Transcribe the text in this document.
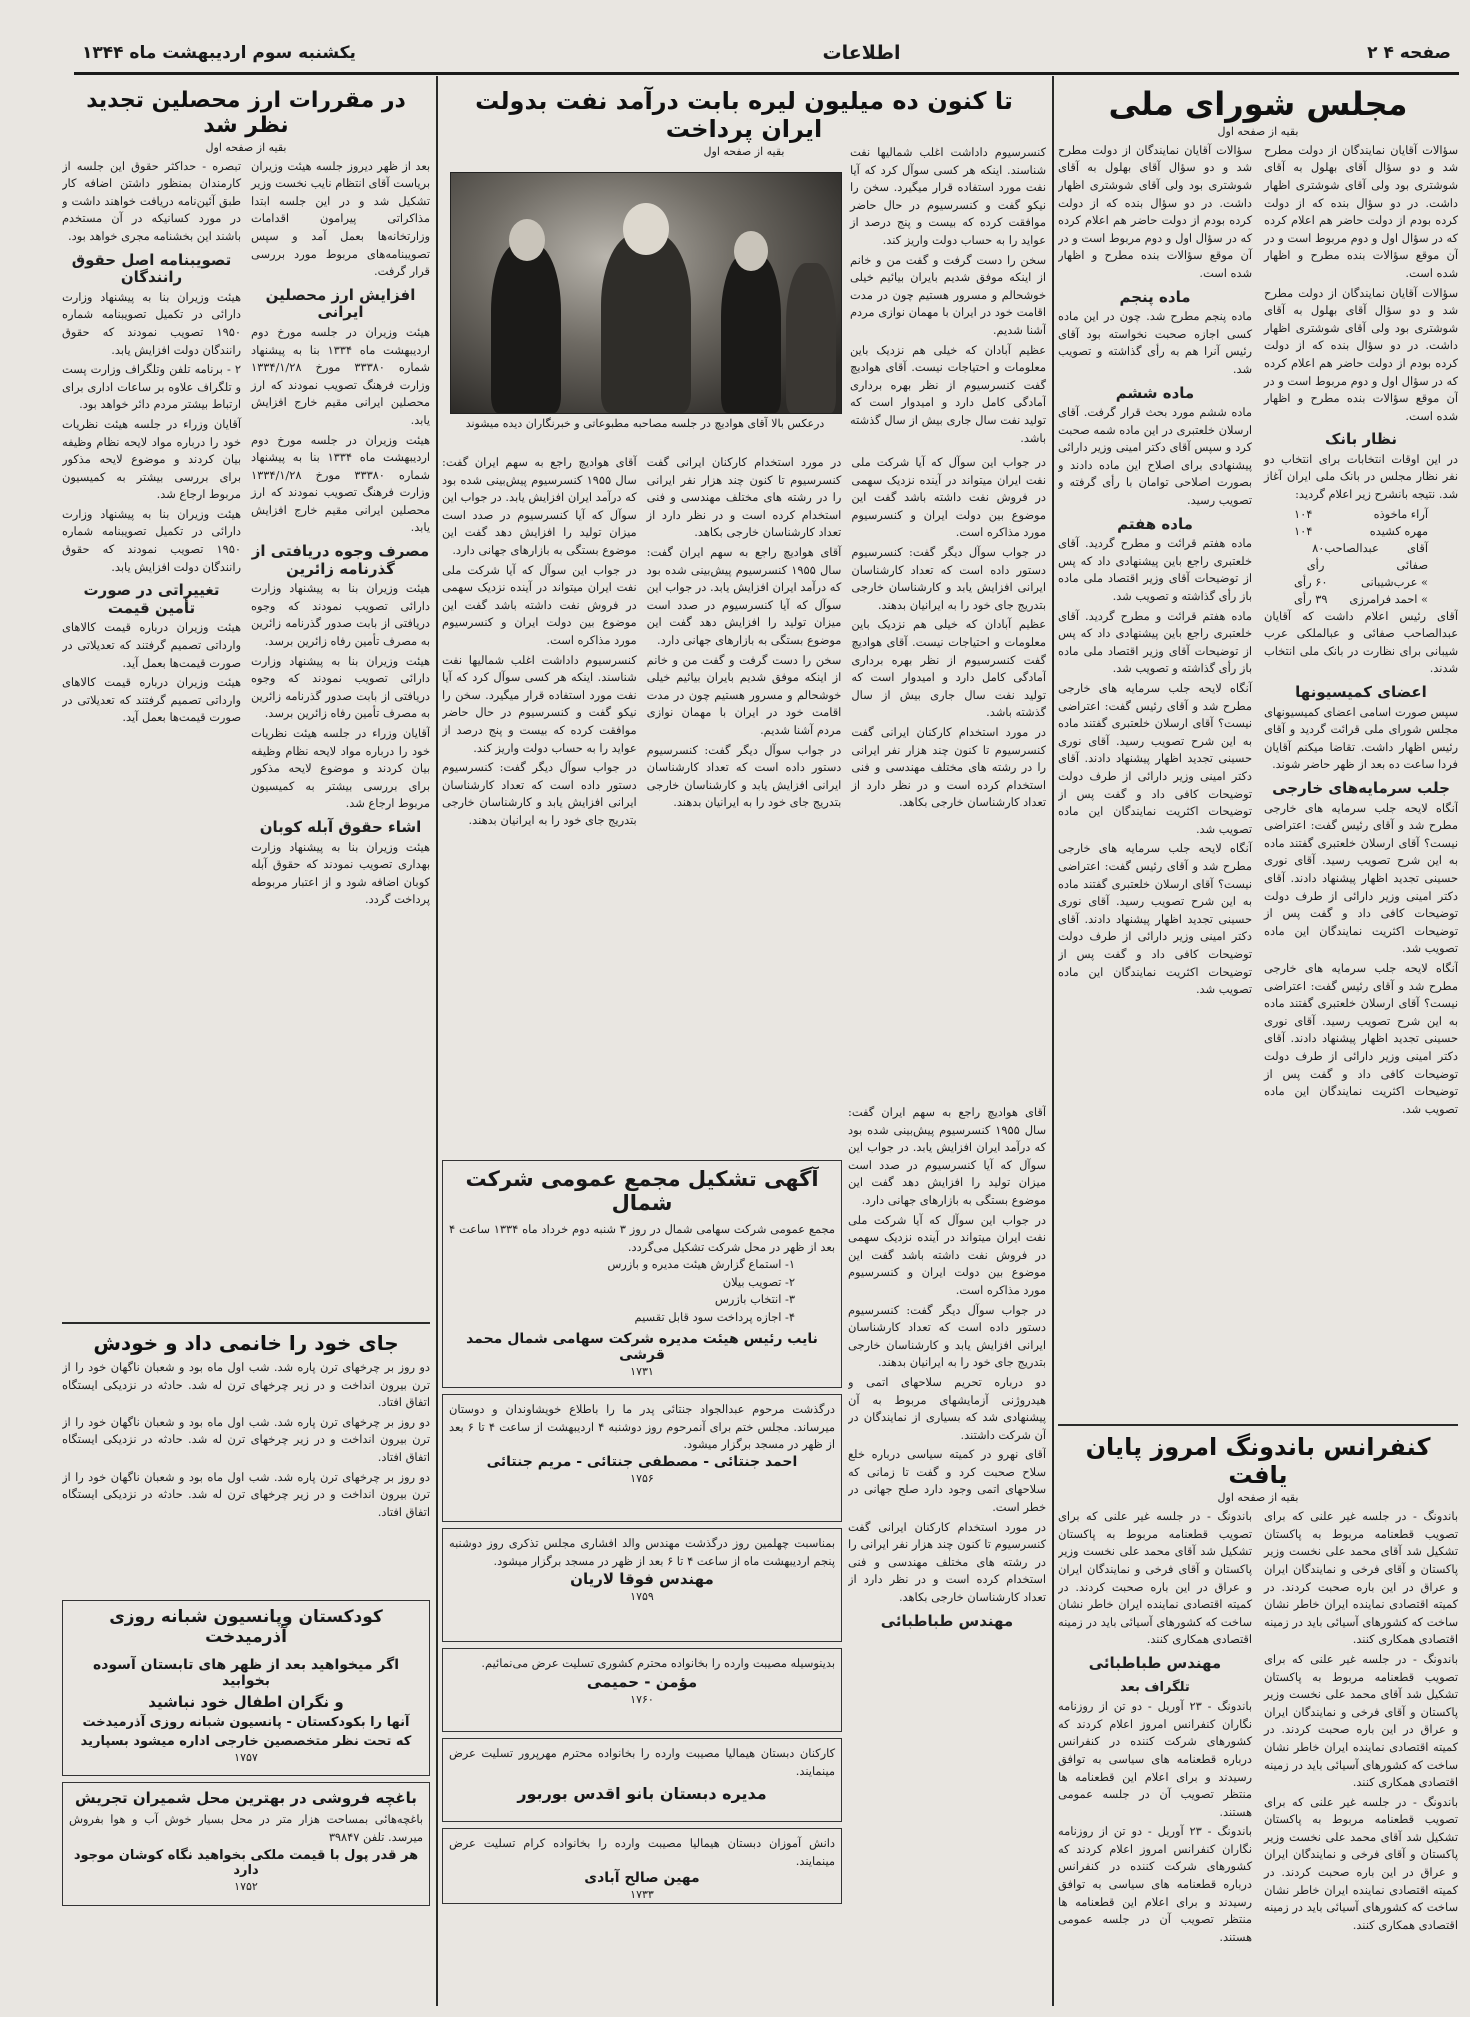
صفحه ۴ ۲
اطلاعات
یکشنبه سوم اردیبهشت ماه ۱۳۴۴
مجلس شورای ملی
بقیه از صفحه اول

سؤالات آقایان نمایندگان از دولت مطرح شد و دو سؤال آقای بهلول به آقای شوشتری بود ولی آقای شوشتری اظهار داشت. در دو سؤال بنده که از دولت کرده بودم از دولت حاضر هم اعلام کرده که در سؤال اول و دوم مربوط است و در آن موقع سؤالات بنده مطرح و اظهار شده است.

سؤالات آقایان نمایندگان از دولت مطرح شد و دو سؤال آقای بهلول به آقای شوشتری بود ولی آقای شوشتری اظهار داشت. در دو سؤال بنده که از دولت کرده بودم از دولت حاضر هم اعلام کرده که در سؤال اول و دوم مربوط است و در آن موقع سؤالات بنده مطرح و اظهار شده است.

نظار بانک

در این اوقات انتخابات برای انتخاب دو نفر نظار مجلس در بانک ملی ایران آغاز شد. نتیجه بانشرح زیر اعلام گردید:

آراء ماخوذه
۱۰۴
مهره کشیده
۱۰۴
آقای عبدالصاحب صفائی
۸۰ رأی
» عرب‌شیبانی
۶۰ رأی
» احمد فرامرزی
۳۹ رأی

آقای رئیس اعلام داشت که آقایان عبدالصاحب صفائی و عبالملکی عرب شیبانی برای نظارت در بانک ملی انتخاب شدند.

اعضای کمیسیونها

سپس صورت اسامی اعضای کمیسیونهای مجلس شورای ملی قرائت گردید و آقای رئیس اظهار داشت. تقاضا میکنم آقایان فردا ساعت ده بعد از ظهر حاضر شوند.

جلب سرمایه‌های خارجی

آنگاه لایحه جلب سرمایه های خارجی مطرح شد و آقای رئیس گفت: اعتراضی نیست؟ آقای ارسلان خلعتبری گفتند ماده به این شرح تصویب رسید. آقای نوری حسینی تجدید اظهار پیشنهاد دادند. آقای دکتر امینی وزیر دارائی از طرف دولت توضیحات کافی داد و گفت پس از توضیحات اکثریت نمایندگان این ماده تصویب شد.

آنگاه لایحه جلب سرمایه های خارجی مطرح شد و آقای رئیس گفت: اعتراضی نیست؟ آقای ارسلان خلعتبری گفتند ماده به این شرح تصویب رسید. آقای نوری حسینی تجدید اظهار پیشنهاد دادند. آقای دکتر امینی وزیر دارائی از طرف دولت توضیحات کافی داد و گفت پس از توضیحات اکثریت نمایندگان این ماده تصویب شد.

سؤالات آقایان نمایندگان از دولت مطرح شد و دو سؤال آقای بهلول به آقای شوشتری بود ولی آقای شوشتری اظهار داشت. در دو سؤال بنده که از دولت کرده بودم از دولت حاضر هم اعلام کرده که در سؤال اول و دوم مربوط است و در آن موقع سؤالات بنده مطرح و اظهار شده است.

ماده پنجم

ماده پنجم مطرح شد. چون در این ماده کسی اجازه صحبت نخواسته بود آقای رئیس آنرا هم به رأی گذاشته و تصویب شد.

ماده ششم

ماده ششم مورد بحث قرار گرفت. آقای ارسلان خلعتبری در این ماده شمه صحبت کرد و سپس آقای دکتر امینی وزیر دارائی پیشنهادی برای اصلاح این ماده دادند و بصورت اصلاحی توامان با رأی گرفته و تصویب رسید.

ماده هفتم

ماده هفتم قرائت و مطرح گردید. آقای خلعتبری راجع باین پیشنهادی داد که پس از توضیحات آقای وزیر اقتصاد ملی ماده باز رأی گذاشته و تصویب شد.

ماده هفتم قرائت و مطرح گردید. آقای خلعتبری راجع باین پیشنهادی داد که پس از توضیحات آقای وزیر اقتصاد ملی ماده باز رأی گذاشته و تصویب شد.

آنگاه لایحه جلب سرمایه های خارجی مطرح شد و آقای رئیس گفت: اعتراضی نیست؟ آقای ارسلان خلعتبری گفتند ماده به این شرح تصویب رسید. آقای نوری حسینی تجدید اظهار پیشنهاد دادند. آقای دکتر امینی وزیر دارائی از طرف دولت توضیحات کافی داد و گفت پس از توضیحات اکثریت نمایندگان این ماده تصویب شد.

آنگاه لایحه جلب سرمایه های خارجی مطرح شد و آقای رئیس گفت: اعتراضی نیست؟ آقای ارسلان خلعتبری گفتند ماده به این شرح تصویب رسید. آقای نوری حسینی تجدید اظهار پیشنهاد دادند. آقای دکتر امینی وزیر دارائی از طرف دولت توضیحات کافی داد و گفت پس از توضیحات اکثریت نمایندگان این ماده تصویب شد.

کنفرانس باندونگ امروز پایان یافت
بقیه از صفحه اول

باندونگ - در جلسه غیر علنی که برای تصویب قطعنامه مربوط به پاکستان تشکیل شد آقای محمد علی نخست وزیر پاکستان و آقای فرخی و نمایندگان ایران و عراق در این باره صحبت کردند. در کمیته اقتصادی نماینده ایران خاطر نشان ساخت که کشورهای آسیائی باید در زمینه اقتصادی همکاری کنند.

باندونگ - در جلسه غیر علنی که برای تصویب قطعنامه مربوط به پاکستان تشکیل شد آقای محمد علی نخست وزیر پاکستان و آقای فرخی و نمایندگان ایران و عراق در این باره صحبت کردند. در کمیته اقتصادی نماینده ایران خاطر نشان ساخت که کشورهای آسیائی باید در زمینه اقتصادی همکاری کنند.

باندونگ - در جلسه غیر علنی که برای تصویب قطعنامه مربوط به پاکستان تشکیل شد آقای محمد علی نخست وزیر پاکستان و آقای فرخی و نمایندگان ایران و عراق در این باره صحبت کردند. در کمیته اقتصادی نماینده ایران خاطر نشان ساخت که کشورهای آسیائی باید در زمینه اقتصادی همکاری کنند.

باندونگ - در جلسه غیر علنی که برای تصویب قطعنامه مربوط به پاکستان تشکیل شد آقای محمد علی نخست وزیر پاکستان و آقای فرخی و نمایندگان ایران و عراق در این باره صحبت کردند. در کمیته اقتصادی نماینده ایران خاطر نشان ساخت که کشورهای آسیائی باید در زمینه اقتصادی همکاری کنند.

مهندس طباطبائی
تلگراف بعد

باندونگ - ۲۳ آوریل - دو تن از روزنامه نگاران کنفرانس امروز اعلام کردند که کشورهای شرکت کننده در کنفرانس درباره قطعنامه های سیاسی به توافق رسیدند و برای اعلام این قطعنامه ها منتظر تصویب آن در جلسه عمومی هستند.

باندونگ - ۲۳ آوریل - دو تن از روزنامه نگاران کنفرانس امروز اعلام کردند که کشورهای شرکت کننده در کنفرانس درباره قطعنامه های سیاسی به توافق رسیدند و برای اعلام این قطعنامه ها منتظر تصویب آن در جلسه عمومی هستند.

تا کنون ده میلیون لیره بابت درآمد نفت بدولت ایران پرداخت
بقیه از صفحه اول	کنسرسیوم داداشت اغلب شمالیها نفت شناسند. اینکه هر کسی سوآل کرد که آیا نفت مورد استفاده قرار میگیرد. سخن را نیکو گفت و کنسرسیوم در حال حاضر موافقت کرده که بیست و پنج درصد از عواید را به حساب دولت واریز کند.

سخن را دست گرفت و گفت من و خانم از اینکه موفق شدیم بایران بیائیم خیلی خوشحالم و مسرور هستیم چون در مدت اقامت خود در ایران با مهمان نوازی مردم آشنا شدیم.

عظیم آبادان که خیلی هم نزدیک باین معلومات و احتیاجات نیست. آقای هوادیچ گفت کنسرسیوم از نظر بهره برداری آمادگی کامل دارد و امیدوار است که تولید نفت سال جاری بیش از سال گذشته باشد.

درعکس بالا آقای هوادیچ در جلسه مصاحبه مطبوعاتی و خبرنگاران دیده میشوند

در جواب این سوآل که آیا شرکت ملی نفت ایران میتواند در آینده نزدیک سهمی در فروش نفت داشته باشد گفت این موضوع بین دولت ایران و کنسرسیوم مورد مذاکره است.

در جواب سوآل دیگر گفت: کنسرسیوم دستور داده است که تعداد کارشناسان ایرانی افزایش یابد و کارشناسان خارجی بتدریج جای خود را به ایرانیان بدهند.

عظیم آبادان که خیلی هم نزدیک باین معلومات و احتیاجات نیست. آقای هوادیچ گفت کنسرسیوم از نظر بهره برداری آمادگی کامل دارد و امیدوار است که تولید نفت سال جاری بیش از سال گذشته باشد.

در مورد استخدام کارکنان ایرانی گفت کنسرسیوم تا کنون چند هزار نفر ایرانی را در رشته های مختلف مهندسی و فنی استخدام کرده است و در نظر دارد از تعداد کارشناسان خارجی بکاهد.

در مورد استخدام کارکنان ایرانی گفت کنسرسیوم تا کنون چند هزار نفر ایرانی را در رشته های مختلف مهندسی و فنی استخدام کرده است و در نظر دارد از تعداد کارشناسان خارجی بکاهد.

آقای هوادیچ راجع به سهم ایران گفت: سال ۱۹۵۵ کنسرسیوم پیش‌بینی شده بود که درآمد ایران افزایش یابد. در جواب این سوآل که آیا کنسرسیوم در صدد است میزان تولید را افزایش دهد گفت این موضوع بستگی به بازارهای جهانی دارد.

سخن را دست گرفت و گفت من و خانم از اینکه موفق شدیم بایران بیائیم خیلی خوشحالم و مسرور هستیم چون در مدت اقامت خود در ایران با مهمان نوازی مردم آشنا شدیم.

در جواب سوآل دیگر گفت: کنسرسیوم دستور داده است که تعداد کارشناسان ایرانی افزایش یابد و کارشناسان خارجی بتدریج جای خود را به ایرانیان بدهند.

آقای هوادیچ راجع به سهم ایران گفت: سال ۱۹۵۵ کنسرسیوم پیش‌بینی شده بود که درآمد ایران افزایش یابد. در جواب این سوآل که آیا کنسرسیوم در صدد است میزان تولید را افزایش دهد گفت این موضوع بستگی به بازارهای جهانی دارد.

در جواب این سوآل که آیا شرکت ملی نفت ایران میتواند در آینده نزدیک سهمی در فروش نفت داشته باشد گفت این موضوع بین دولت ایران و کنسرسیوم مورد مذاکره است.

کنسرسیوم داداشت اغلب شمالیها نفت شناسند. اینکه هر کسی سوآل کرد که آیا نفت مورد استفاده قرار میگیرد. سخن را نیکو گفت و کنسرسیوم در حال حاضر موافقت کرده که بیست و پنج درصد از عواید را به حساب دولت واریز کند.

در جواب سوآل دیگر گفت: کنسرسیوم دستور داده است که تعداد کارشناسان ایرانی افزایش یابد و کارشناسان خارجی بتدریج جای خود را به ایرانیان بدهند.

آقای هوادیچ راجع به سهم ایران گفت: سال ۱۹۵۵ کنسرسیوم پیش‌بینی شده بود که درآمد ایران افزایش یابد. در جواب این سوآل که آیا کنسرسیوم در صدد است میزان تولید را افزایش دهد گفت این موضوع بستگی به بازارهای جهانی دارد.

در جواب این سوآل که آیا شرکت ملی نفت ایران میتواند در آینده نزدیک سهمی در فروش نفت داشته باشد گفت این موضوع بین دولت ایران و کنسرسیوم مورد مذاکره است.

در جواب سوآل دیگر گفت: کنسرسیوم دستور داده است که تعداد کارشناسان ایرانی افزایش یابد و کارشناسان خارجی بتدریج جای خود را به ایرانیان بدهند.

دو درباره تحریم سلاحهای اتمی و هیدروژنی آزمایشهای مربوط به آن پیشنهادی شد که بسیاری از نمایندگان در آن شرکت داشتند.

آقای نهرو در کمیته سیاسی درباره خلع سلاح صحبت کرد و گفت تا زمانی که سلاحهای اتمی وجود دارد صلح جهانی در خطر است.

در مورد استخدام کارکنان ایرانی گفت کنسرسیوم تا کنون چند هزار نفر ایرانی را در رشته های مختلف مهندسی و فنی استخدام کرده است و در نظر دارد از تعداد کارشناسان خارجی بکاهد.

مهندس طباطبائی
آگهی تشکیل مجمع عمومی شرکت شمال
مجمع عمومی شرکت سهامی شمال در روز ۳ شنبه دوم خرداد ماه ۱۳۳۴ ساعت ۴ بعد از ظهر در محل شرکت تشکیل می‌گردد.
۱- استماع گزارش هیئت مدیره و بازرس
۲- تصویب بیلان
۳- انتخاب بازرس
۴- اجازه پرداخت سود قابل تقسیم
نایب رئیس هیئت مدیره شرکت سهامی شمال محمد قرشی
۱۷۳۱
درگذشت مرحوم عبدالجواد جنتائی پدر ما را باطلاع خویشاوندان و دوستان میرساند. مجلس ختم برای آنمرحوم روز دوشنبه ۴ اردیبهشت از ساعت ۴ تا ۶ بعد از ظهر در مسجد برگزار میشود.
احمد جنتائی - مصطفی جنتائی - مریم جنتائی
۱۷۵۶
بمناسبت چهلمین روز درگذشت مهندس والد افشاری مجلس تذکری روز دوشنبه پنجم اردیبهشت ماه از ساعت ۴ تا ۶ بعد از ظهر در مسجد برگزار میشود.
مهندس فوقا لاریان
۱۷۵۹
بدینوسیله مصیبت وارده را بخانواده محترم کشوری تسلیت عرض می‌نمائیم.
مؤمن - حمیمی
۱۷۶۰
کارکنان دبستان هیمالیا مصیبت وارده را بخانواده محترم مهرپرور تسلیت عرض مینمایند.
مدیره دبستان بانو اقدس بوربور
دانش آموزان دبستان هیمالیا مصیبت وارده را بخانواده کرام تسلیت عرض مینمایند.
مهین صالح آبادی
۱۷۳۳
در مقررات ارز محصلین تجدید نظر شد
بقیه از صفحه اول

بعد از ظهر دیروز جلسه هیئت وزیران بریاست آقای انتظام نایب نخست وزیر تشکیل شد و در این جلسه ابتدا مذاکراتی پیرامون اقدامات وزارتخانه‌ها بعمل آمد و سپس تصویبنامه‌های مربوط مورد بررسی قرار گرفت.

افزایش ارز محصلین ایرانی

هیئت وزیران در جلسه مورخ دوم اردیبهشت ماه ۱۳۳۴ بنا به پیشنهاد شماره ۳۳۳۸۰ مورخ ۱۳۳۴/۱/۲۸ وزارت فرهنگ تصویب نمودند که ارز محصلین ایرانی مقیم خارج افزایش یابد.

هیئت وزیران در جلسه مورخ دوم اردیبهشت ماه ۱۳۳۴ بنا به پیشنهاد شماره ۳۳۳۸۰ مورخ ۱۳۳۴/۱/۲۸ وزارت فرهنگ تصویب نمودند که ارز محصلین ایرانی مقیم خارج افزایش یابد.

مصرف وجوه دریافتی از گذرنامه زائرین

هیئت وزیران بنا به پیشنهاد وزارت دارائی تصویب نمودند که وجوه دریافتی از بابت صدور گذرنامه زائرین به مصرف تأمین رفاه زائرین برسد.

هیئت وزیران بنا به پیشنهاد وزارت دارائی تصویب نمودند که وجوه دریافتی از بابت صدور گذرنامه زائرین به مصرف تأمین رفاه زائرین برسد.

آقایان وزراء در جلسه هیئت نظریات خود را درباره مواد لایحه نظام وظیفه بیان کردند و موضوع لایحه مذکور برای بررسی بیشتر به کمیسیون مربوط ارجاع شد.

اشاء حقوق آبله کوبان

هیئت وزیران بنا به پیشنهاد وزارت بهداری تصویب نمودند که حقوق آبله کوبان اضافه شود و از اعتبار مربوطه پرداخت گردد.

تبصره - حداکثر حقوق این جلسه از کارمندان بمنظور داشتن اضافه کار طبق آئین‌نامه دریافت خواهند داشت و در مورد کسانیکه در آن مستخدم باشند این بخشنامه مجری خواهد بود.

تصویبنامه اصل حقوق رانندگان

هیئت وزیران بنا به پیشنهاد وزارت دارائی در تکمیل تصویبنامه شماره ۱۹۵۰ تصویب نمودند که حقوق رانندگان دولت افزایش یابد.

۲ - برنامه تلفن وتلگراف وزارت پست و تلگراف علاوه بر ساعات اداری برای ارتباط بیشتر مردم دائر خواهد بود.

آقایان وزراء در جلسه هیئت نظریات خود را درباره مواد لایحه نظام وظیفه بیان کردند و موضوع لایحه مذکور برای بررسی بیشتر به کمیسیون مربوط ارجاع شد.

هیئت وزیران بنا به پیشنهاد وزارت دارائی در تکمیل تصویبنامه شماره ۱۹۵۰ تصویب نمودند که حقوق رانندگان دولت افزایش یابد.

تغییراتی در صورت تأمین قیمت

هیئت وزیران درباره قیمت کالاهای وارداتی تصمیم گرفتند که تعدیلاتی در صورت قیمت‌ها بعمل آید.

هیئت وزیران درباره قیمت کالاهای وارداتی تصمیم گرفتند که تعدیلاتی در صورت قیمت‌ها بعمل آید.

جای خود را خانمی داد و خودش

دو روز بر چرخهای ترن پاره شد. شب اول ماه بود و شعبان ناگهان خود را از ترن بیرون انداخت و در زیر چرخهای ترن له شد. حادثه در نزدیکی ایستگاه اتفاق افتاد.

دو روز بر چرخهای ترن پاره شد. شب اول ماه بود و شعبان ناگهان خود را از ترن بیرون انداخت و در زیر چرخهای ترن له شد. حادثه در نزدیکی ایستگاه اتفاق افتاد.

دو روز بر چرخهای ترن پاره شد. شب اول ماه بود و شعبان ناگهان خود را از ترن بیرون انداخت و در زیر چرخهای ترن له شد. حادثه در نزدیکی ایستگاه اتفاق افتاد.

کودکستان وپانسیون شبانه روزی آذرمیدخت
اگر میخواهید بعد از ظهر های تابستان آسوده بخوابید
و نگران اطفال خود نباشید
آنها را بکودکستان - پانسیون شبانه روزی آذرمیدخت
که تحت نظر متخصصین خارجی اداره میشود بسپارید
۱۷۵۷
باغچه فروشی در بهترین محل شمیران تجریش
باغچه‌هائی بمساحت هزار متر در محل بسیار خوش آب و هوا بفروش میرسد. تلفن ۳۹۸۴۷
هر قدر پول با قیمت ملکی بخواهید نگاه کوشان موجود دارد
۱۷۵۲
